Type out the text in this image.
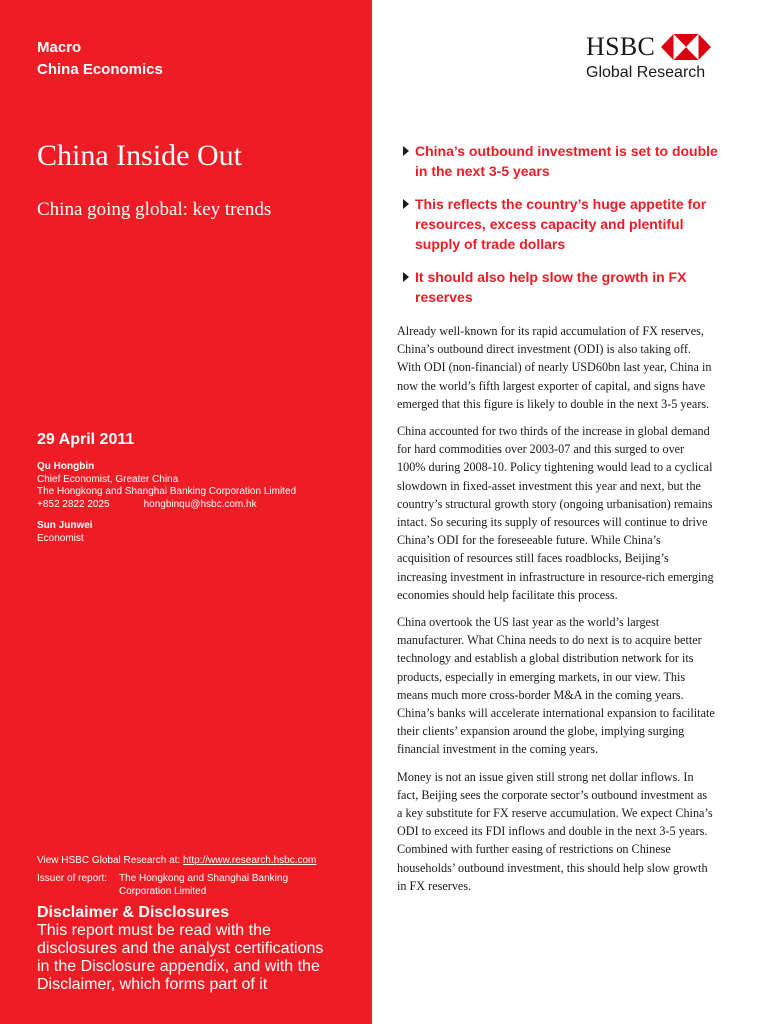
Macro
China Economics
China Inside Out
China going global: key trends
29 April 2011
Qu Hongbin
Chief Economist, Greater China
The Hongkong and Shanghai Banking Corporation Limited
+852 2822 2025	hongbinqu@hsbc.com.hk
Sun Junwei
Economist
View HSBC Global Research at: http://www.research.hsbc.com
Issuer of report:	The Hongkong and Shanghai Banking
Corporation Limited
Disclaimer & Disclosures
This report must be read with the disclosures and the analyst certifications in the Disclosure appendix, and with the Disclaimer, which forms part of it
HSBC
Global Research
China’s outbound investment is set to double in the next 3-5 years
This reflects the country’s huge appetite for resources, excess capacity and plentiful supply of trade dollars
It should also help slow the growth in FX reserves

Already well-known for its rapid accumulation of FX reserves, China’s outbound direct investment (ODI) is also taking off. With ODI (non-financial) of nearly USD60bn last year, China in now the world’s fifth largest exporter of capital, and signs have emerged that this figure is likely to double in the next 3-5 years.

China accounted for two thirds of the increase in global demand for hard commodities over 2003-07 and this surged to over 100% during 2008-10. Policy tightening would lead to a cyclical slowdown in fixed-asset investment this year and next, but the country’s structural growth story (ongoing urbanisation) remains intact. So securing its supply of resources will continue to drive China’s ODI for the foreseeable future. While China’s acquisition of resources still faces roadblocks, Beijing’s increasing investment in infrastructure in resource-rich emerging economies should help facilitate this process.

China overtook the US last year as the world’s largest manufacturer. What China needs to do next is to acquire better technology and establish a global distribution network for its products, especially in emerging markets, in our view. This means much more cross-border M&A in the coming years. China’s banks will accelerate international expansion to facilitate their clients’ expansion around the globe, implying surging financial investment in the coming years.

Money is not an issue given still strong net dollar inflows. In fact, Beijing sees the corporate sector’s outbound investment as a key substitute for FX reserve accumulation. We expect China’s ODI to exceed its FDI inflows and double in the next 3-5 years. Combined with further easing of restrictions on Chinese households’ outbound investment, this should help slow growth in FX reserves.
